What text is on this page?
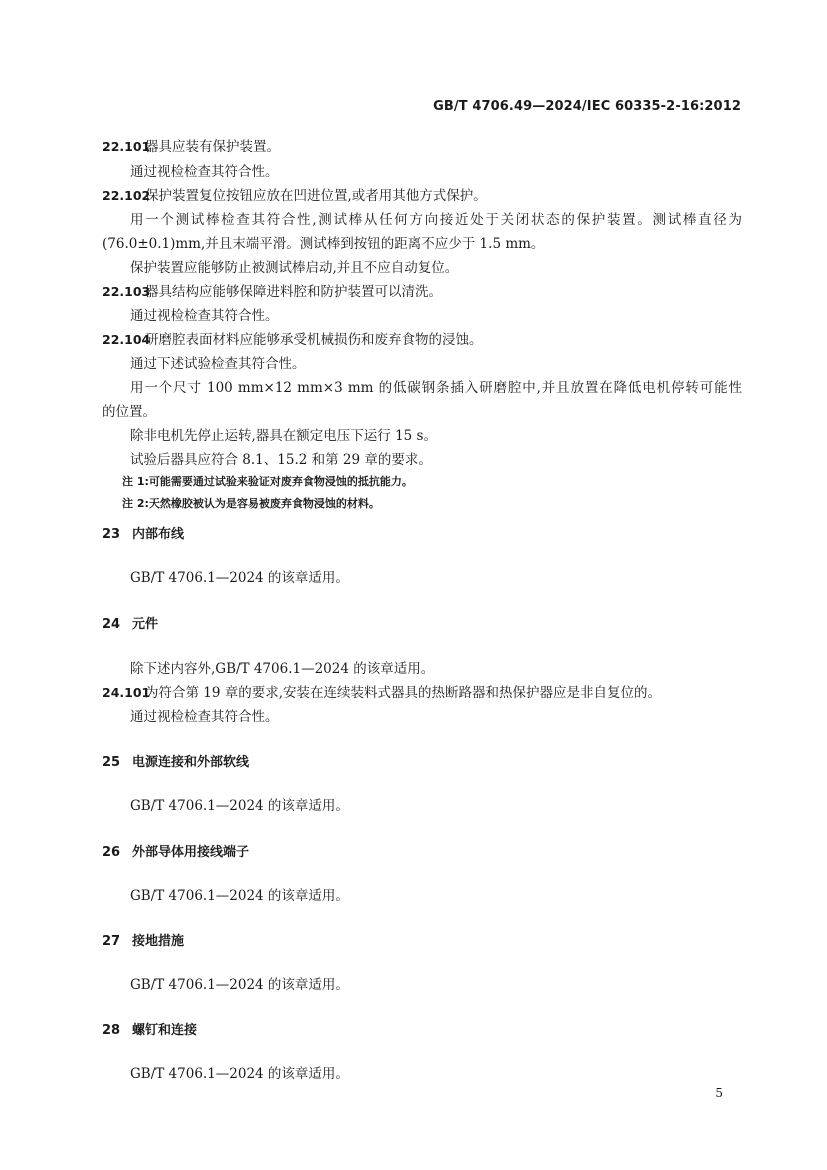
GB/T 4706.49—2024/IEC 60335-2-16:2012
22.101器具应装有保护装置。
通过视检检查其符合性。
22.102保护装置复位按钮应放在凹进位置,或者用其他方式保护。
用一个测试棒检查其符合性,测试棒从任何方向接近处于关闭状态的保护装置。测试棒直径为
(76.0±0.1)mm,并且末端平滑。测试棒到按钮的距离不应少于 1.5 mm。
保护装置应能够防止被测试棒启动,并且不应自动复位。
22.103器具结构应能够保障进料腔和防护装置可以清洗。
通过视检检查其符合性。
22.104研磨腔表面材料应能够承受机械损伤和废弃食物的浸蚀。
通过下述试验检查其符合性。
用一个尺寸 100 mm×12 mm×3 mm 的低碳钢条插入研磨腔中,并且放置在降低电机停转可能性
的位置。
除非电机先停止运转,器具在额定电压下运行 15 s。
试验后器具应符合 8.1、15.2 和第 29 章的要求。
注 1:可能需要通过试验来验证对废弃食物浸蚀的抵抗能力。
注 2:天然橡胶被认为是容易被废弃食物浸蚀的材料。
23 内部布线
GB/T 4706.1—2024 的该章适用。
24 元件
除下述内容外,GB/T 4706.1—2024 的该章适用。
24.101为符合第 19 章的要求,安装在连续装料式器具的热断路器和热保护器应是非自复位的。
通过视检检查其符合性。
25 电源连接和外部软线
GB/T 4706.1—2024 的该章适用。
26 外部导体用接线端子
GB/T 4706.1—2024 的该章适用。
27 接地措施
GB/T 4706.1—2024 的该章适用。
28 螺钉和连接
GB/T 4706.1—2024 的该章适用。
5
